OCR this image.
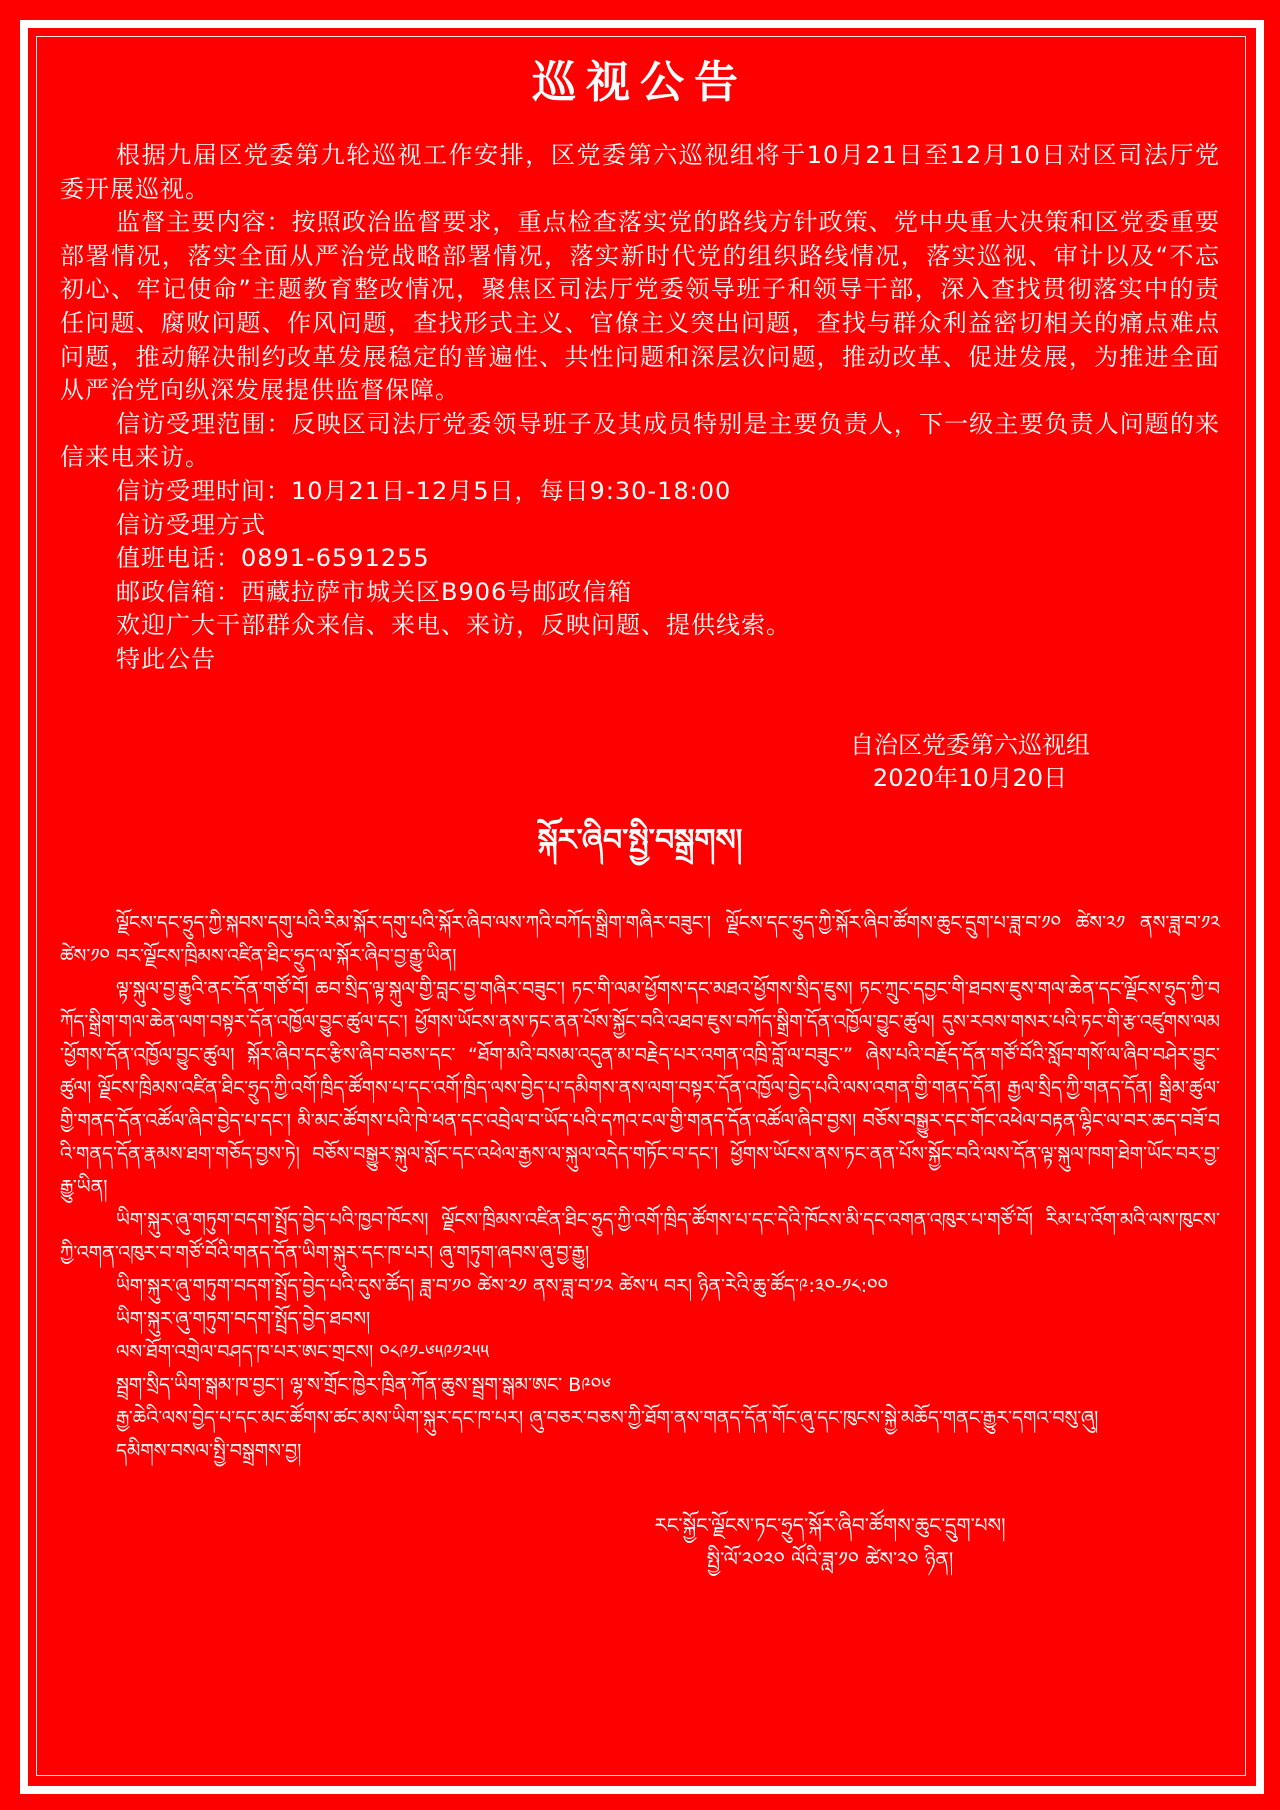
巡视公告

根据九届区党委第九轮巡视工作安排，区党委第六巡视组将于10月21日至12月10日对区司法厅党委开展巡视。

监督主要内容：按照政治监督要求，重点检查落实党的路线方针政策、党中央重大决策和区党委重要部署情况，落实全面从严治党战略部署情况，落实新时代党的组织路线情况，落实巡视、审计以及“不忘初心、牢记使命”主题教育整改情况，聚焦区司法厅党委领导班子和领导干部，深入查找贯彻落实中的责任问题、腐败问题、作风问题，查找形式主义、官僚主义突出问题，查找与群众利益密切相关的痛点难点问题，推动解决制约改革发展稳定的普遍性、共性问题和深层次问题，推动改革、促进发展，为推进全面从严治党向纵深发展提供监督保障。

信访受理范围：反映区司法厅党委领导班子及其成员特别是主要负责人，下一级主要负责人问题的来信来电来访。

信访受理时间：10月21日-12月5日，每日9:30-18:00

信访受理方式

值班电话：0891-6591255

邮政信箱：西藏拉萨市城关区B906号邮政信箱

欢迎广大干部群众来信、来电、来访，反映问题、提供线索。

特此公告

自治区党委第六巡视组
2020年10月20日
སྐོར་ཞིབ་སྤྱི་བསྒྲགས།

ལྗོངས་དང་ཧྲུད་ཀྱི་སྐབས་དགུ་པའི་རིམ་སྐོར་དགུ་པའི་སྐོར་ཞིབ་ལས་ཀའི་བཀོད་སྒྲིག་གཞིར་བཟུང་། ལྗོངས་དང་ཧྲུད་ཀྱི་སྐོར་ཞིབ་ཚོགས་ཆུང་དྲུག་པ་ཟླ་བ་༡༠ ཚེས་༢༡ ནས་ཟླ་བ་༡༢ ཚེས་༡༠ བར་ལྗོངས་ཁྲིམས་འཛིན་ཐིང་ཧྲུད་ལ་སྐོར་ཞིབ་བྱ་རྒྱུ་ཡིན།

ལྟ་སྐུལ་བྱ་རྒྱུའི་ནང་དོན་གཙོ་བོ། ཆབ་སྲིད་ལྟ་སྐུལ་གྱི་བླང་བྱ་གཞིར་བཟུང་། ཏང་གི་ལམ་ཕྱོགས་དང་མཐའ་ཕྱོགས་སྲིད་ཇུས། ཏང་ཀྲུང་དབྱང་གི་ཐབས་ཇུས་གལ་ཆེན་དང་ལྗོངས་ཧྲུད་ཀྱི་བཀོད་སྒྲིག་གལ་ཆེན་ལག་བསྟར་དོན་འཁྱོལ་བྱུང་ཚུལ་དང་། ཕྱོགས་ཡོངས་ནས་ཏང་ནན་པོས་སྐྱོང་བའི་འཐབ་ཇུས་བཀོད་སྒྲིག་དོན་འཁྱོལ་བྱུང་ཚུལ། དུས་རབས་གསར་པའི་ཏང་གི་རྩ་འཛུགས་ལམ་ཕྱོགས་དོན་འཁྱོལ་བྱུང་ཚུལ། སྐོར་ཞིབ་དང་རྩིས་ཞིབ་བཅས་དང་ “ཐོག་མའི་བསམ་འདུན་མ་བརྗེད་པར་འགན་འཁྲི་བློ་ལ་བཟུང་” ཞེས་པའི་བརྗོད་དོན་གཙོ་བོའི་སློབ་གསོ་ལ་ཞིབ་བཤེར་བྱུང་ཚུལ། ལྗོངས་ཁྲིམས་འཛིན་ཐིང་ཧྲུད་ཀྱི་འགོ་ཁྲིད་ཚོགས་པ་དང་འགོ་ཁྲིད་ལས་བྱེད་པ་དམིགས་ནས་ལག་བསྟར་དོན་འཁྱོལ་བྱེད་པའི་ལས་འགན་གྱི་གནད་དོན། རྒྱལ་སྲིད་ཀྱི་གནད་དོན། སྒྲིམ་ཚུལ་གྱི་གནད་དོན་འཚོལ་ཞིབ་བྱེད་པ་དང་། མི་མང་ཚོགས་པའི་ཁེ་ཕན་དང་འབྲེལ་བ་ཡོད་པའི་དཀའ་ངལ་གྱི་གནད་དོན་འཚོལ་ཞིབ་བྱས། བཅོས་བསྒྱུར་དང་གོང་འཕེལ་བརྟན་ལྷིང་ལ་བར་ཆད་བཟོ་བའི་གནད་དོན་རྣམས་ཐག་གཅོད་བྱས་ཏེ། བཅོས་བསྒྱུར་སྐུལ་སློང་དང་འཕེལ་རྒྱས་ལ་སྐུལ་འདེད་གཏོང་བ་དང་། ཕྱོགས་ཡོངས་ནས་ཏང་ནན་པོས་སྐྱོང་བའི་ལས་དོན་ལྟ་སྐུལ་ཁག་ཐེག་ཡོང་བར་བྱ་རྒྱུ་ཡིན།

ཡིག་སྐུར་ཞུ་གཏུག་བདག་སྤྲོད་བྱེད་པའི་ཁྱབ་ཁོངས། ལྗོངས་ཁྲིམས་འཛིན་ཐིང་ཧྲུད་ཀྱི་འགོ་ཁྲིད་ཚོགས་པ་དང་དེའི་ཁོངས་མི་དང་འགན་འཁུར་པ་གཙོ་བོ། རིམ་པ་འོག་མའི་ལས་ཁུངས་ཀྱི་འགན་འཁུར་བ་གཙོ་བོའི་གནད་དོན་ཡིག་སྐུར་དང་ཁ་པར། ཞུ་གཏུག་ཞབས་ཞུ་བྱ་རྒྱུ།

ཡིག་སྐུར་ཞུ་གཏུག་བདག་སྤྲོད་བྱེད་པའི་དུས་ཚོད། ཟླ་བ་༡༠ ཚེས་༢༡ ནས་ཟླ་བ་༡༢ ཚེས་༥ བར། ཉིན་རེའི་ཆུ་ཚོད་༩:༣༠-༡༨:༠༠

ཡིག་སྐུར་ཞུ་གཏུག་བདག་སྤྲོད་བྱེད་ཐབས།

ལས་ཐོག་འགྲེལ་བཤད་ཁ་པར་ཨང་གྲངས། ༠༨༩༡-༦༥༩༡༢༥༥

སྦྲག་སྲིད་ཡིག་སྒམ་ཁ་བྱང་། ལྷ་ས་གྲོང་ཁྱེར་ཁྲིན་ཀོན་ཆུས་སྦྲག་སྒམ་ཨང་ B༩༠༦

རྒྱ་ཆེའི་ལས་བྱེད་པ་དང་མང་ཚོགས་ཚང་མས་ཡིག་སྐུར་དང་ཁ་པར། ཞུ་བཅར་བཅས་ཀྱི་ཐོག་ནས་གནད་དོན་གོང་ཞུ་དང་ཁུངས་སྐྱེ་མཆོད་གནང་རྒྱུར་དགའ་བསུ་ཞུ།

དམིགས་བསལ་སྤྱི་བསྒྲགས་བྱ།

རང་སྐྱོང་ལྗོངས་ཏང་ཧྲུད་སྐོར་ཞིབ་ཚོགས་ཆུང་དྲུག་པས།
སྤྱི་ལོ་༢༠༢༠ ལོའི་ཟླ་༡༠ ཚེས་༢༠ ཉིན།
